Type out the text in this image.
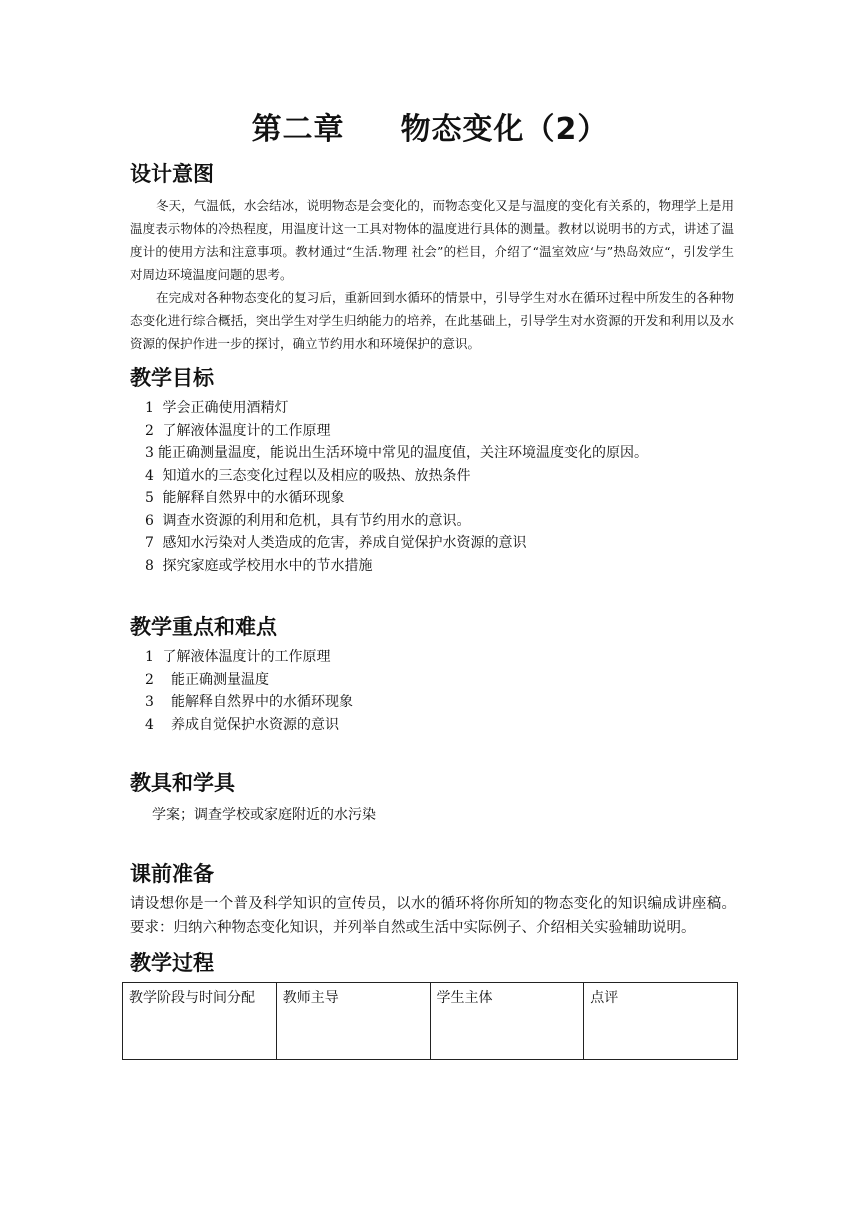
第二章 物态变化（2）
设计意图
冬天，气温低，水会结冰，说明物态是会变化的，而物态变化又是与温度的变化有关系的，物理学上是用温度表示物体的冷热程度，用温度计这一工具对物体的温度进行具体的测量。教材以说明书的方式，讲述了温度计的使用方法和注意事项。教材通过“生活.物理 社会”的栏目，介绍了“温室效应‘与”热岛效应“，引发学生对周边环境温度问题的思考。
在完成对各种物态变化的复习后，重新回到水循环的情景中，引导学生对水在循环过程中所发生的各种物态变化进行综合概括，突出学生对学生归纳能力的培养，在此基础上，引导学生对水资源的开发和利用以及水资源的保护作进一步的探讨，确立节约用水和环境保护的意识。
教学目标
1 学会正确使用酒精灯
2 了解液体温度计的工作原理
3 能正确测量温度，能说出生活环境中常见的温度值，关注环境温度变化的原因。
4 知道水的三态变化过程以及相应的吸热、放热条件
5 能解释自然界中的水循环现象
6 调查水资源的利用和危机，具有节约用水的意识。
7 感知水污染对人类造成的危害，养成自觉保护水资源的意识
8 探究家庭或学校用水中的节水措施
教学重点和难点
1 了解液体温度计的工作原理
2 能正确测量温度
3 能解释自然界中的水循环现象
4 养成自觉保护水资源的意识
教具和学具
学案；调查学校或家庭附近的水污染
课前准备
请设想你是一个普及科学知识的宣传员，以水的循环将你所知的物态变化的知识编成讲座稿。要求：归纳六种物态变化知识，并列举自然或生活中实际例子、介绍相关实验辅助说明。
教学过程
教学阶段与时间分配	教师主导	学生主体	点评
